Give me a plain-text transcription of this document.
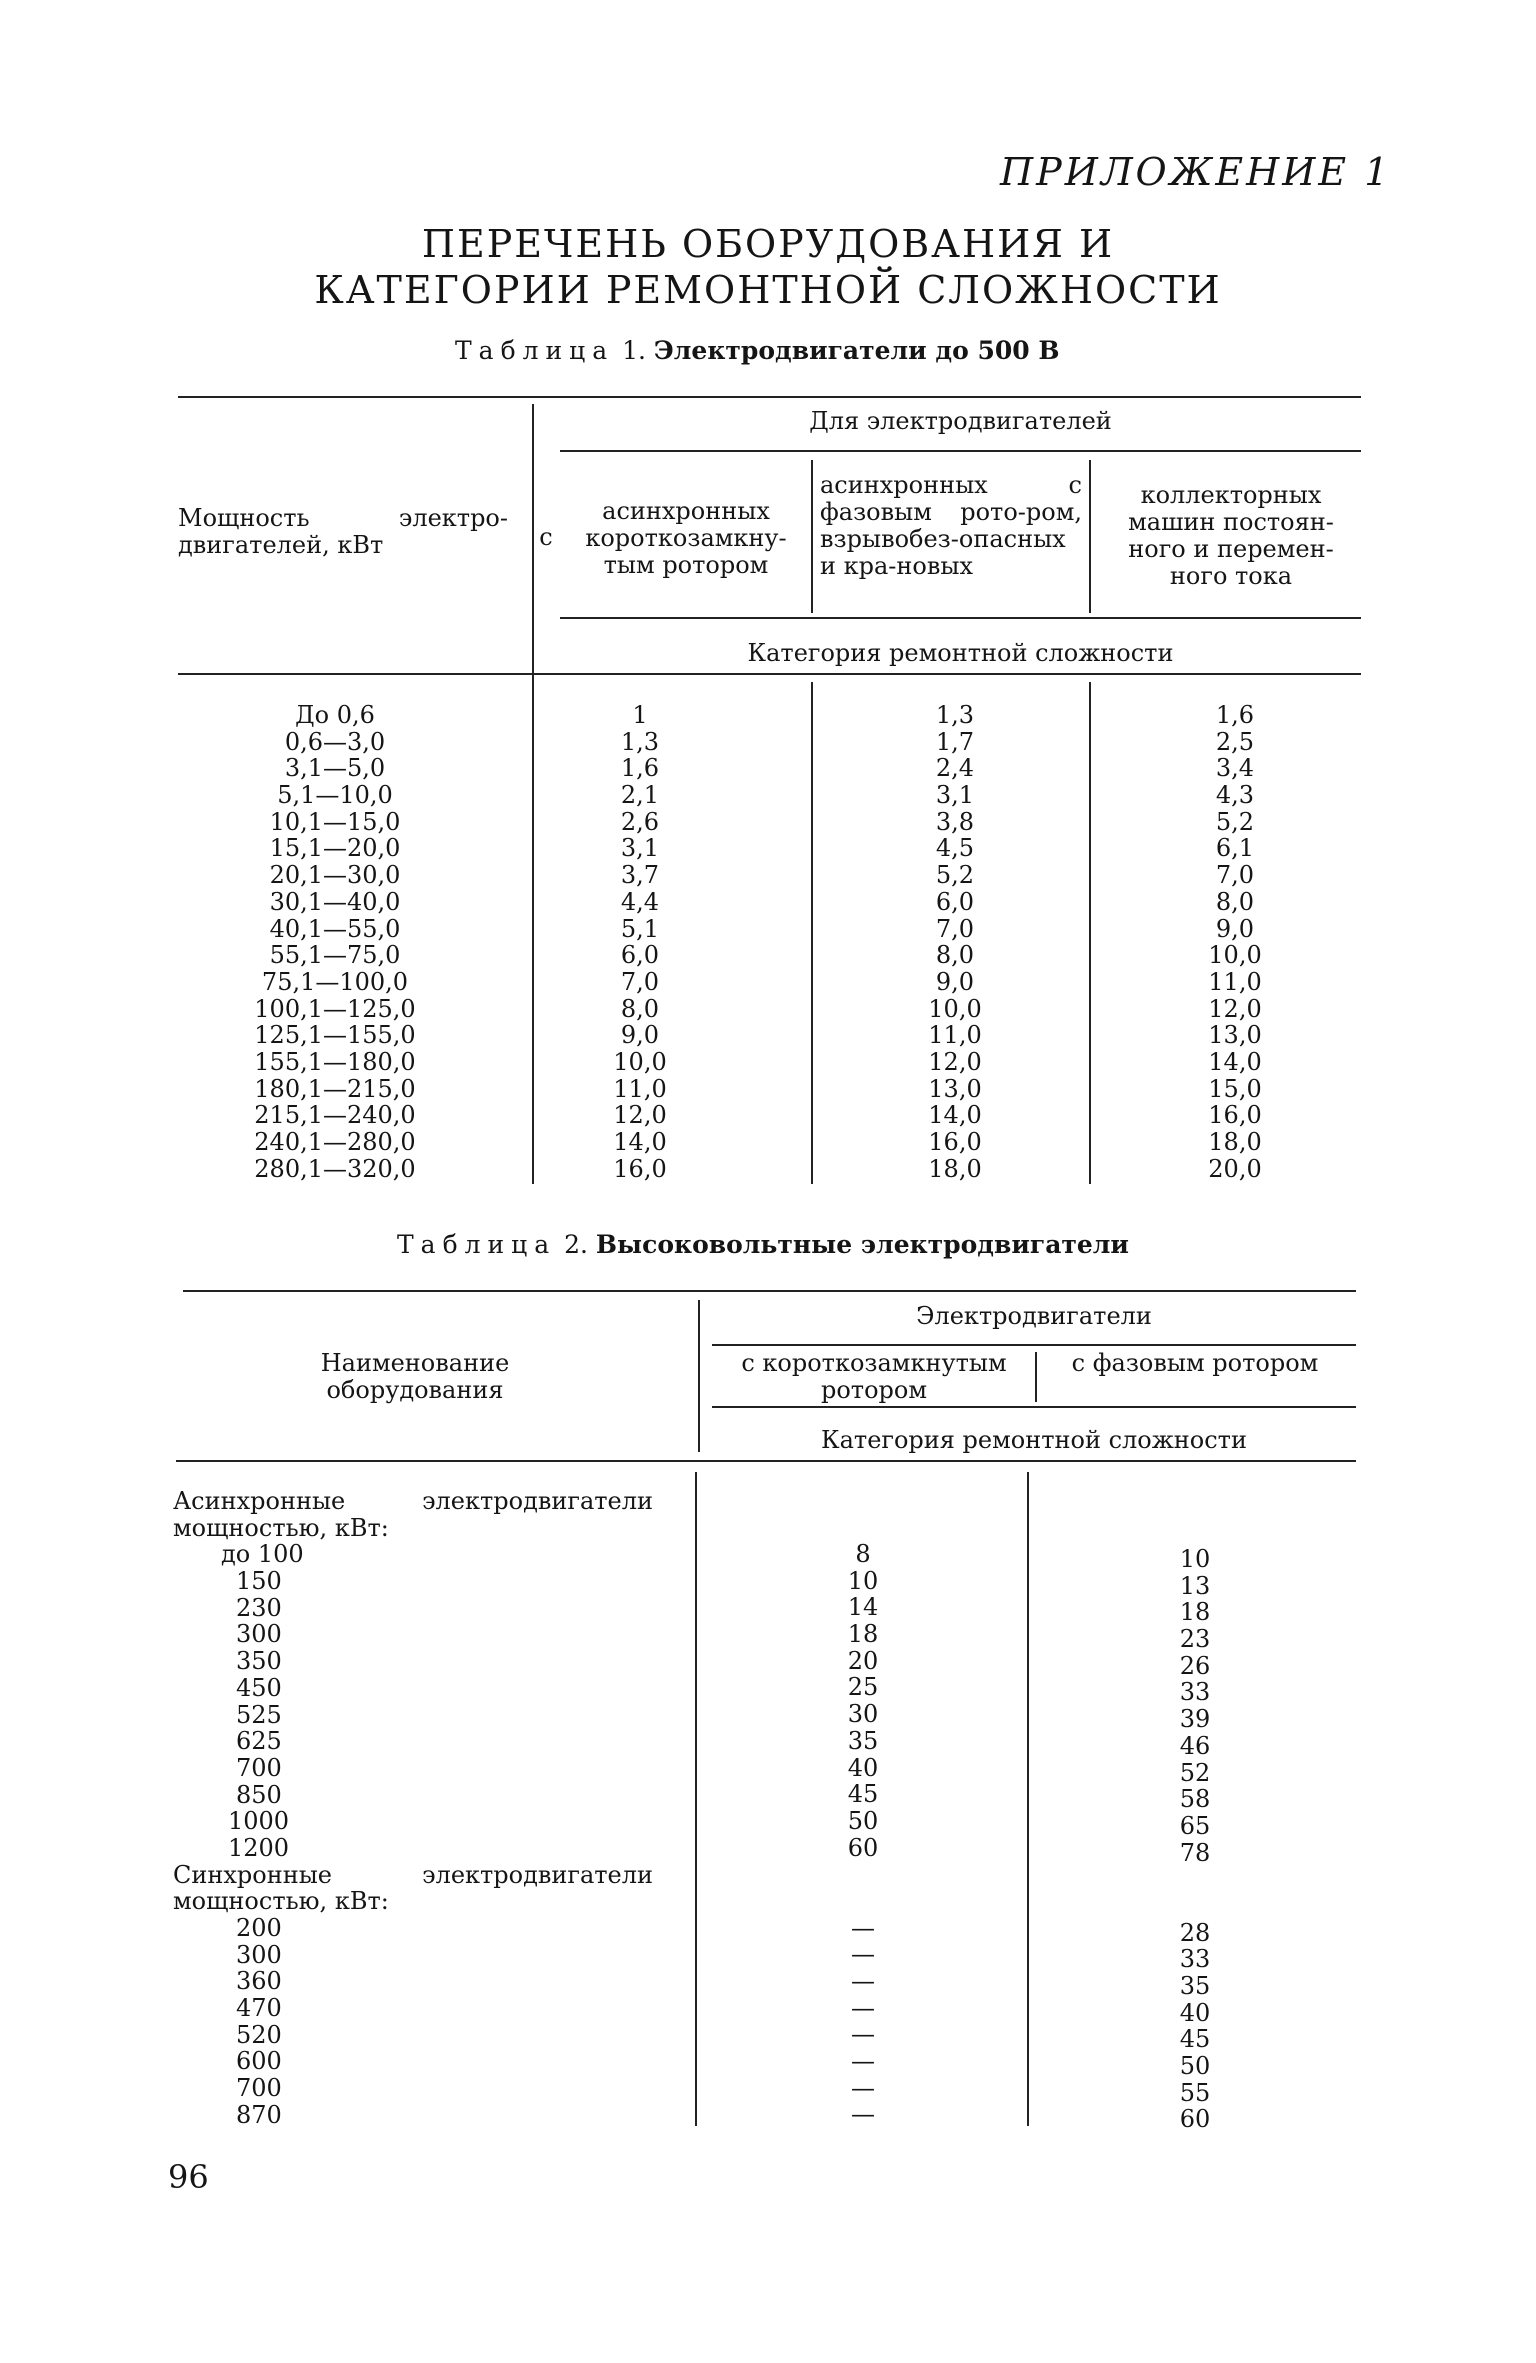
ПРИЛОЖЕНИЕ 1
ПЕРЕЧЕНЬ ОБОРУДОВАНИЯ И
КАТЕГОРИИ РЕМОНТНОЙ СЛОЖНОСТИ
Таблица 1. Электродвигатели до 500 В
Мощность электро-двигателей, кВт
Для электродвигателей
с
асинхронных короткозамкну-тым ротором
асинхронных с фазовым рото-ром, взрывобез-опасных и кра-новых
коллекторных машин постоян-ного и перемен-ного тока
Категория ремонтной сложности
До 0,6
0,6—3,0
3,1—5,0
5,1—10,0
10,1—15,0
15,1—20,0
20,1—30,0
30,1—40,0
40,1—55,0
55,1—75,0
75,1—100,0
100,1—125,0
125,1—155,0
155,1—180,0
180,1—215,0
215,1—240,0
240,1—280,0
280,1—320,0
1
1,3
1,6
2,1
2,6
3,1
3,7
4,4
5,1
6,0
7,0
8,0
9,0
10,0
11,0
12,0
14,0
16,0
1,3
1,7
2,4
3,1
3,8
4,5
5,2
6,0
7,0
8,0
9,0
10,0
11,0
12,0
13,0
14,0
16,0
18,0
1,6
2,5
3,4
4,3
5,2
6,1
7,0
8,0
9,0
10,0
11,0
12,0
13,0
14,0
15,0
16,0
18,0
20,0
Таблица 2. Высоковольтные электродвигатели
Наименование оборудования
Электродвигатели
с короткозамкнутым ротором
с фазовым ротором
Категория ремонтной сложности
Асинхронные электродвигатели мощностью, кВт:
до 100
150
230
300
350
450
525
625
700
850
1000
1200
Синхронные электродвигатели мощностью, кВт:
200
300
360
470
520
600
700
870
8
10
14
18
20
25
30
35
40
45
50
60
—
—
—
—
—
—
—
—
10
13
18
23
26
33
39
46
52
58
65
78
28
33
35
40
45
50
55
60
96
